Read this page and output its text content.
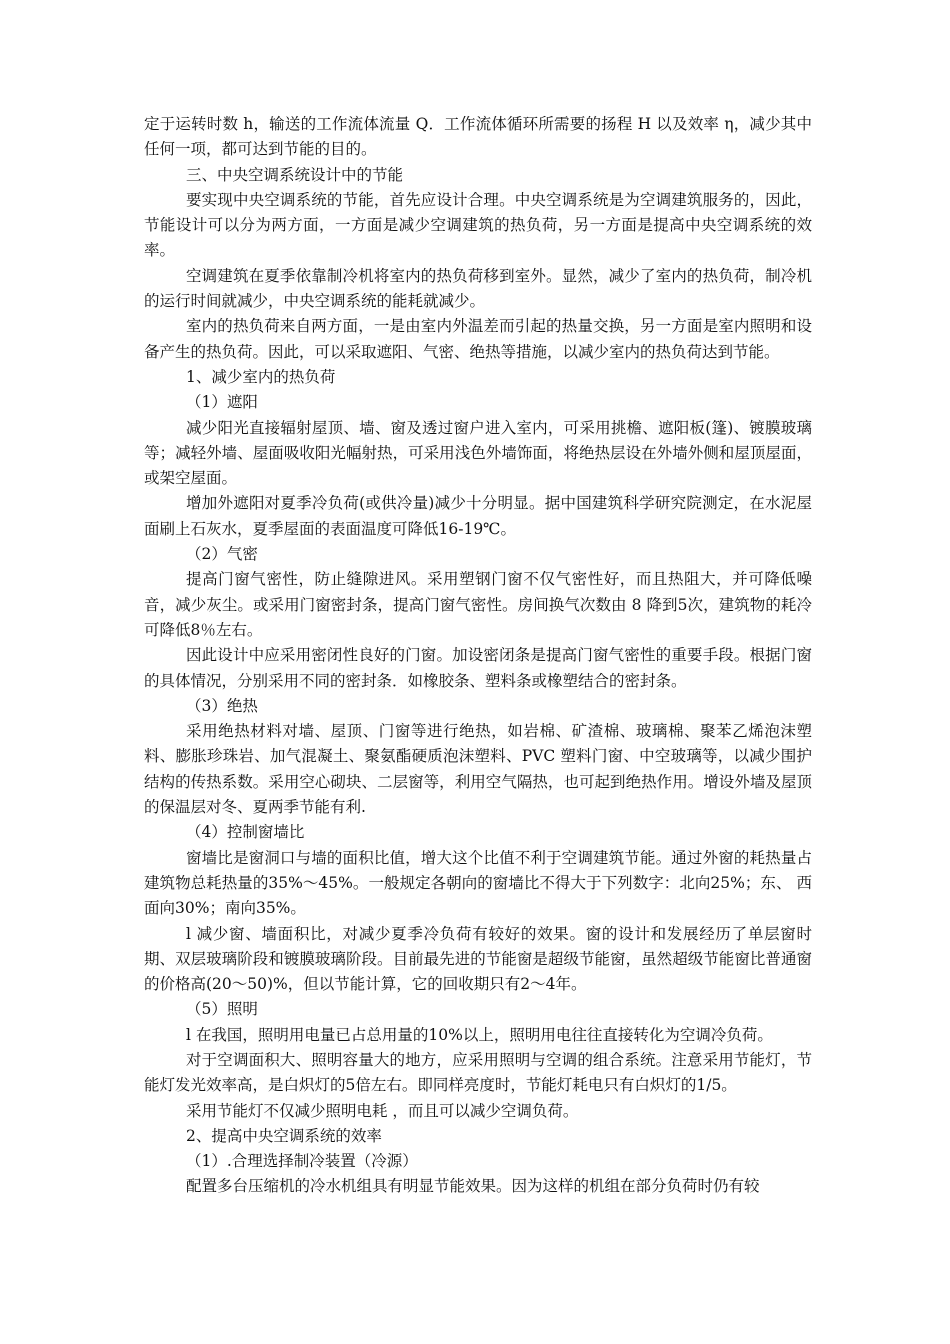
定于运转时数 h，输送的工作流体流量 Q．工作流体循环所需要的扬程 H 以及效率 η，减少其中任何一项，都可达到节能的目的。

三、中央空调系统设计中的节能

要实现中央空调系统的节能，首先应设计合理。中央空调系统是为空调建筑服务的，因此，节能设计可以分为两方面，一方面是减少空调建筑的热负荷，另一方面是提高中央空调系统的效率。

空调建筑在夏季依靠制冷机将室内的热负荷移到室外。显然，减少了室内的热负荷，制冷机的运行时间就减少，中央空调系统的能耗就减少。

室内的热负荷来自两方面，一是由室内外温差而引起的热量交换，另一方面是室内照明和设备产生的热负荷。因此，可以采取遮阳、气密、绝热等措施，以减少室内的热负荷达到节能。

1、减少室内的热负荷

（1）遮阳

减少阳光直接辐射屋顶、墙、窗及透过窗户进入室内，可采用挑檐、遮阳板(篷)、镀膜玻璃等；减轻外墙、屋面吸收阳光幅射热，可采用浅色外墙饰面，将绝热层设在外墙外侧和屋顶屋面，或架空屋面。

增加外遮阳对夏季冷负荷(或供冷量)减少十分明显。据中国建筑科学研究院测定，在水泥屋面刷上石灰水，夏季屋面的表面温度可降低16-19℃。

（2）气密

提高门窗气密性，防止缝隙进风。采用塑钢门窗不仅气密性好，而且热阻大，并可降低噪音，减少灰尘。或采用门窗密封条，提高门窗气密性。房间换气次数由 8 降到5次，建筑物的耗冷可降低8％左右。

因此设计中应采用密闭性良好的门窗。加设密闭条是提高门窗气密性的重要手段。根据门窗的具体情况，分别采用不同的密封条．如橡胶条、塑料条或橡塑结合的密封条。

（3）绝热

采用绝热材料对墙、屋顶、门窗等进行绝热，如岩棉、矿渣棉、玻璃棉、聚苯乙烯泡沫塑料、膨胀珍珠岩、加气混凝土、聚氨酯硬质泡沫塑料、PVC 塑料门窗、中空玻璃等，以减少围护结构的传热系数。采用空心砌块、二层窗等，利用空气隔热，也可起到绝热作用。增设外墙及屋顶的保温层对冬、夏两季节能有利.

（4）控制窗墙比

窗墙比是窗洞口与墙的面积比值，增大这个比值不利于空调建筑节能。通过外窗的耗热量占建筑物总耗热量的35%～45%。一般规定各朝向的窗墙比不得大于下列数字：北向25%；东、 西面向30%；南向35%。

l 减少窗、墙面积比，对减少夏季冷负荷有较好的效果。窗的设计和发展经历了单层窗时期、双层玻璃阶段和镀膜玻璃阶段。目前最先进的节能窗是超级节能窗，虽然超级节能窗比普通窗的价格高(20～50)%，但以节能计算，它的回收期只有2～4年。

（5）照明

l 在我国，照明用电量已占总用量的10%以上，照明用电往往直接转化为空调冷负荷。

对于空调面积大、照明容量大的地方，应采用照明与空调的组合系统。注意采用节能灯，节能灯发光效率高，是白炽灯的5倍左右。即同样亮度时，节能灯耗电只有白炽灯的1/5。

采用节能灯不仅减少照明电耗 ，而且可以减少空调负荷。

2、提高中央空调系统的效率

（1）.合理选择制冷装置（冷源）

配置多台压缩机的冷水机组具有明显节能效果。因为这样的机组在部分负荷时仍有较
